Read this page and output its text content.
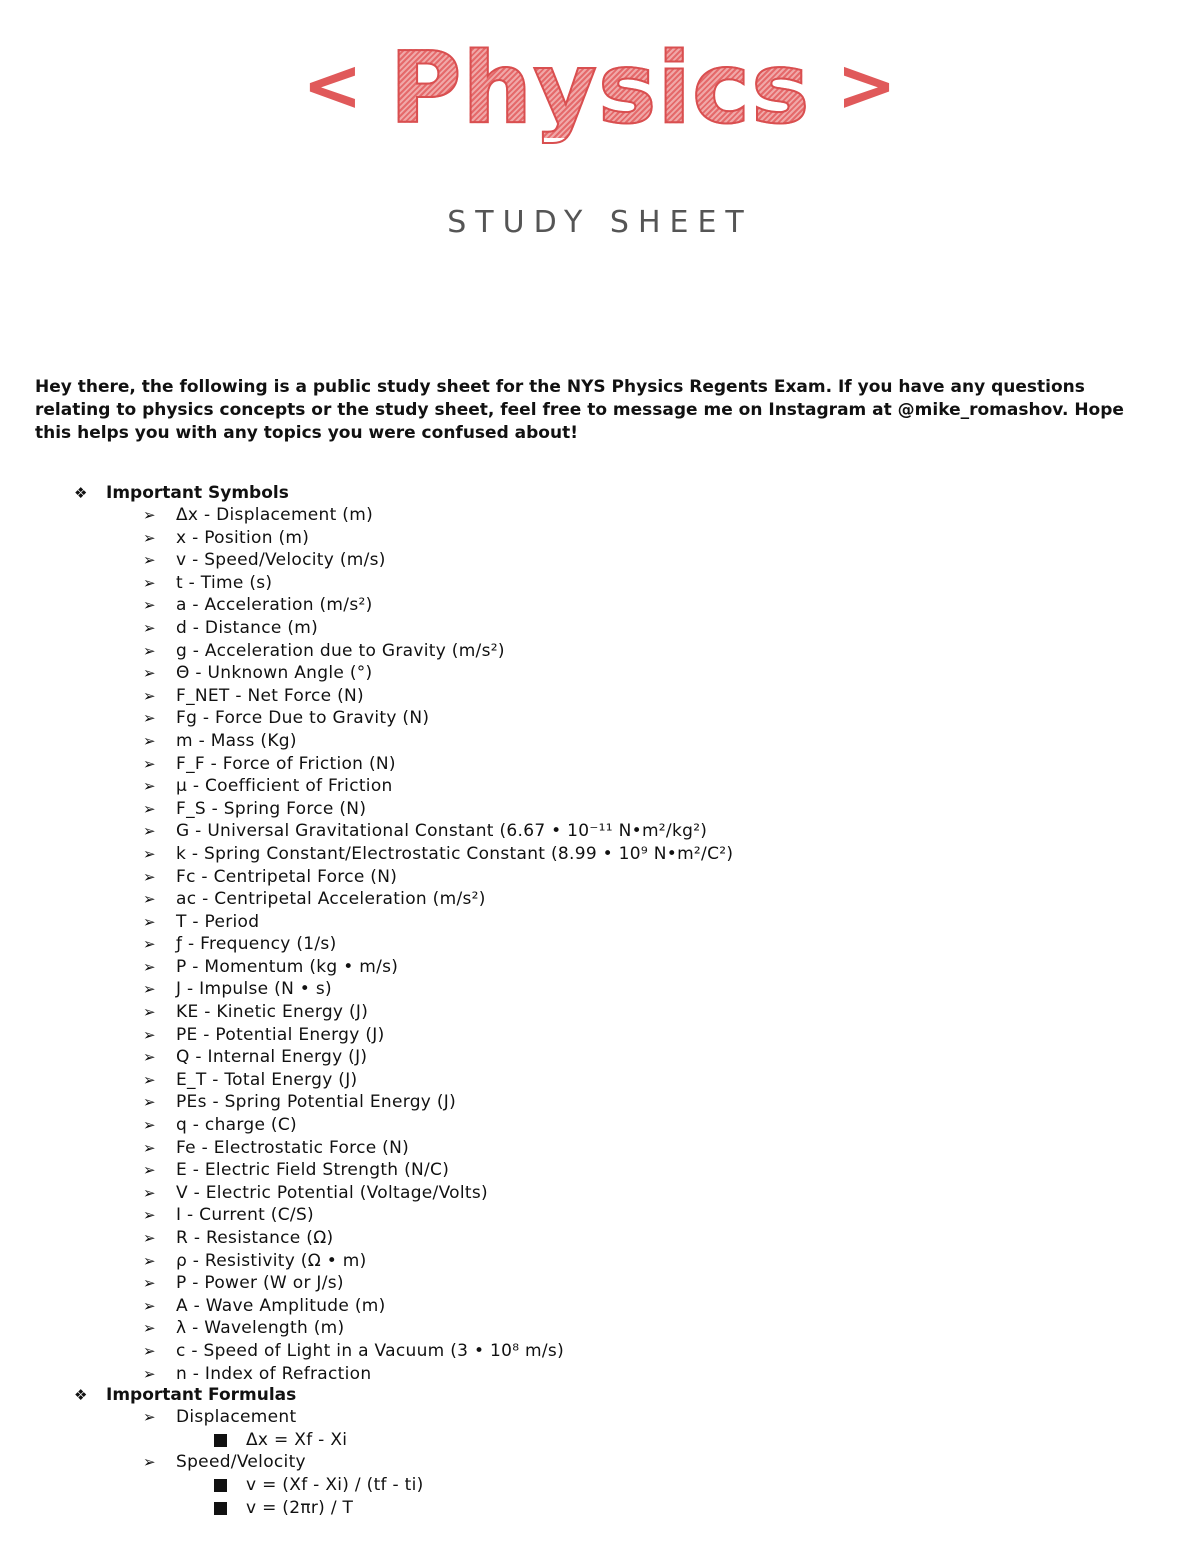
< Physics >
STUDY SHEET
Hey there, the following is a public study sheet for the NYS Physics Regents Exam. If you have any questions relating to physics concepts or the study sheet, feel free to message me on Instagram at @mike_romashov. Hope this helps you with any topics you were confused about!
❖ Important Symbols
➢ Δx - Displacement (m)
➢ x - Position (m)
➢ v - Speed/Velocity (m/s)
➢ t - Time (s)
➢ a - Acceleration (m/s²)
➢ d - Distance (m)
➢ g - Acceleration due to Gravity (m/s²)
➢ Θ - Unknown Angle (°)
➢ F_NET - Net Force (N)
➢ Fg - Force Due to Gravity (N)
➢ m - Mass (Kg)
➢ F_F - Force of Friction (N)
➢ μ - Coefficient of Friction
➢ F_S - Spring Force (N)
➢ G - Universal Gravitational Constant (6.67 • 10⁻¹¹ N•m²/kg²)
➢ k - Spring Constant/Electrostatic Constant (8.99 • 10⁹ N•m²/C²)
➢ Fc - Centripetal Force (N)
➢ ac - Centripetal Acceleration (m/s²)
➢ T - Period
➢ ƒ - Frequency (1/s)
➢ P - Momentum (kg • m/s)
➢ J - Impulse (N • s)
➢ KE - Kinetic Energy (J)
➢ PE - Potential Energy (J)
➢ Q - Internal Energy (J)
➢ E_T - Total Energy (J)
➢ PEs - Spring Potential Energy (J)
➢ q - charge (C)
➢ Fe - Electrostatic Force (N)
➢ E - Electric Field Strength (N/C)
➢ V - Electric Potential (Voltage/Volts)
➢ I - Current (C/S)
➢ R - Resistance (Ω)
➢ ρ - Resistivity (Ω • m)
➢ P - Power (W or J/s)
➢ A - Wave Amplitude (m)
➢ λ - Wavelength (m)
➢ c - Speed of Light in a Vacuum (3 • 10⁸ m/s)
➢ n - Index of Refraction
❖ Important Formulas
➢ Displacement
Δx = Xf - Xi
➢ Speed/Velocity
v = (Xf - Xi) / (tf - ti)
v = (2πr) / T
